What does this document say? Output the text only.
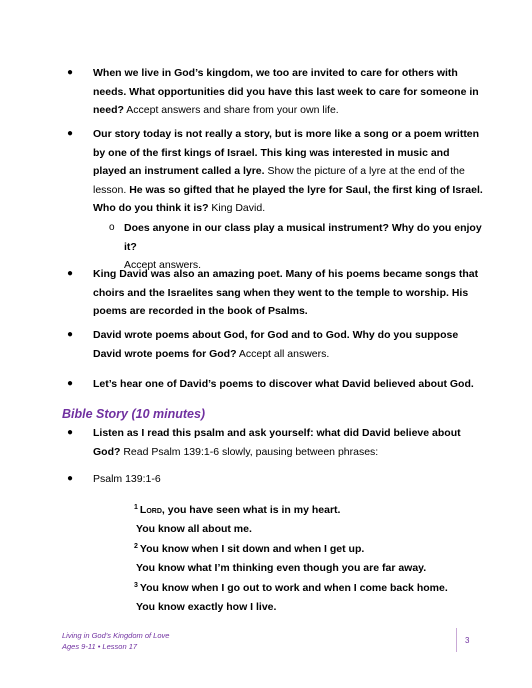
● When we live in God’s kingdom, we too are invited to care for others with needs. What opportunities did you have this last week to care for someone in need? Accept answers and share from your own life.
● Our story today is not really a story, but is more like a song or a poem written by one of the first kings of Israel. This king was interested in music and played an instrument called a lyre. Show the picture of a lyre at the end of the lesson. He was so gifted that he played the lyre for Saul, the first king of Israel. Who do you think it is? King David.
o Does anyone in our class play a musical instrument? Why do you enjoy it?
Accept answers.
● King David was also an amazing poet. Many of his poems became songs that choirs and the Israelites sang when they went to the temple to worship. His poems are recorded in the book of Psalms.
● David wrote poems about God, for God and to God. Why do you suppose David wrote poems for God? Accept all answers.
● Let’s hear one of David’s poems to discover what David believed about God.
Bible Story (10 minutes)
● Listen as I read this psalm and ask yourself: what did David believe about God? Read Psalm 139:1-6 slowly, pausing between phrases:
● Psalm 139:1-6
$^1$ Lord, you have seen what is in my heart.
You know all about me.
$^2$ You know when I sit down and when I get up.
You know what I’m thinking even though you are far away.
$^3$ You know when I go out to work and when I come back home.
You know exactly how I live.
Living in God’s Kingdom of Love
Ages 9-11 • Lesson 17
3
